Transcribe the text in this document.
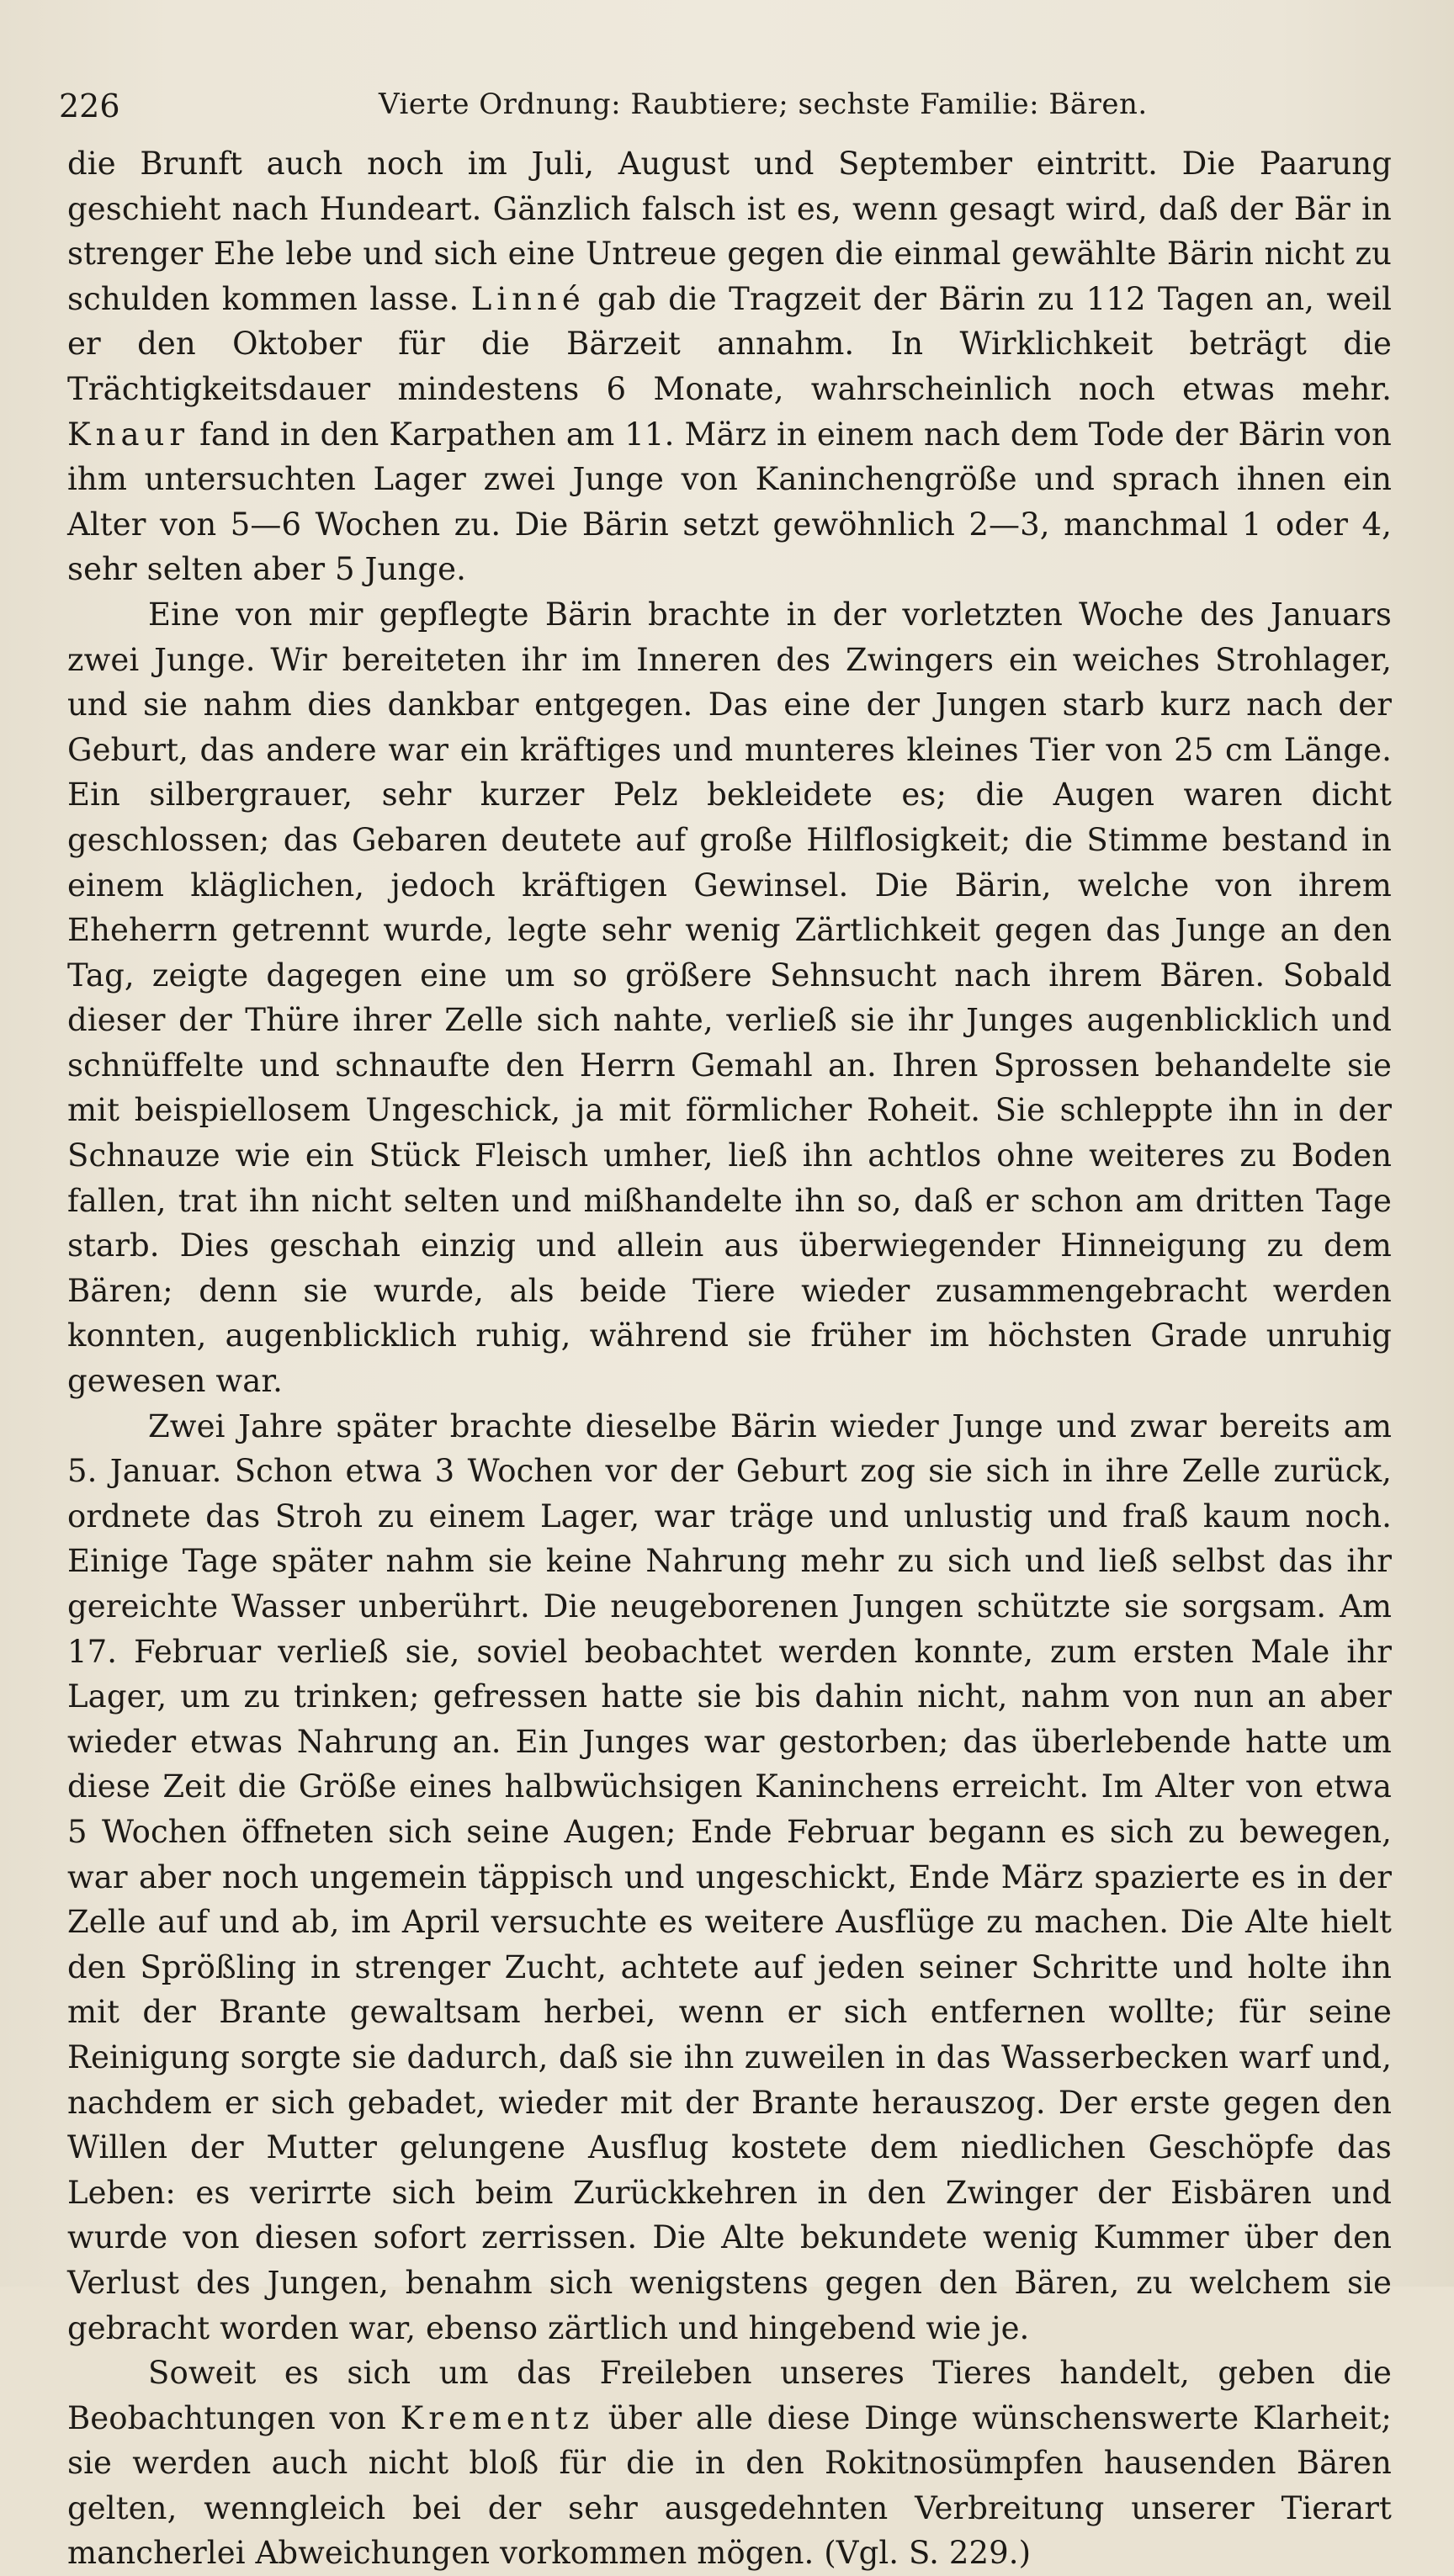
226	Vierte Ordnung: Raubtiere; sechste Familie: Bären.

die Brunft auch noch im Juli, August und September eintritt. Die Paarung geschieht nach Hundeart. Gänzlich falsch ist es, wenn gesagt wird, daß der Bär in strenger Ehe lebe und sich eine Untreue gegen die einmal gewählte Bärin nicht zu schulden kommen lasse. Linné gab die Tragzeit der Bärin zu 112 Tagen an, weil er den Oktober für die Bärzeit annahm. In Wirklichkeit beträgt die Trächtigkeitsdauer mindestens 6 Monate, wahrscheinlich noch etwas mehr. Knaur fand in den Karpathen am 11. März in einem nach dem Tode der Bärin von ihm untersuchten Lager zwei Junge von Kaninchengröße und sprach ihnen ein Alter von 5—6 Wochen zu. Die Bärin setzt gewöhnlich 2—3, manchmal 1 oder 4, sehr selten aber 5 Junge.

Eine von mir gepflegte Bärin brachte in der vorletzten Woche des Januars zwei Junge. Wir bereiteten ihr im Inneren des Zwingers ein weiches Strohlager, und sie nahm dies dankbar entgegen. Das eine der Jungen starb kurz nach der Geburt, das andere war ein kräftiges und munteres kleines Tier von 25 cm Länge. Ein silbergrauer, sehr kurzer Pelz bekleidete es; die Augen waren dicht geschlossen; das Gebaren deutete auf große Hilflosigkeit; die Stimme bestand in einem kläglichen, jedoch kräftigen Gewinsel. Die Bärin, welche von ihrem Eheherrn getrennt wurde, legte sehr wenig Zärtlichkeit gegen das Junge an den Tag, zeigte dagegen eine um so größere Sehnsucht nach ihrem Bären. Sobald dieser der Thüre ihrer Zelle sich nahte, verließ sie ihr Junges augenblicklich und schnüffelte und schnaufte den Herrn Gemahl an. Ihren Sprossen behandelte sie mit beispiellosem Ungeschick, ja mit förmlicher Roheit. Sie schleppte ihn in der Schnauze wie ein Stück Fleisch umher, ließ ihn achtlos ohne weiteres zu Boden fallen, trat ihn nicht selten und mißhandelte ihn so, daß er schon am dritten Tage starb. Dies geschah einzig und allein aus überwiegender Hinneigung zu dem Bären; denn sie wurde, als beide Tiere wieder zusammengebracht werden konnten, augenblicklich ruhig, während sie früher im höchsten Grade unruhig gewesen war.

Zwei Jahre später brachte dieselbe Bärin wieder Junge und zwar bereits am 5. Januar. Schon etwa 3 Wochen vor der Geburt zog sie sich in ihre Zelle zurück, ordnete das Stroh zu einem Lager, war träge und unlustig und fraß kaum noch. Einige Tage später nahm sie keine Nahrung mehr zu sich und ließ selbst das ihr gereichte Wasser unberührt. Die neugeborenen Jungen schützte sie sorgsam. Am 17. Februar verließ sie, soviel beobachtet werden konnte, zum ersten Male ihr Lager, um zu trinken; gefressen hatte sie bis dahin nicht, nahm von nun an aber wieder etwas Nahrung an. Ein Junges war gestorben; das überlebende hatte um diese Zeit die Größe eines halbwüchsigen Kaninchens erreicht. Im Alter von etwa 5 Wochen öffneten sich seine Augen; Ende Februar begann es sich zu bewegen, war aber noch ungemein täppisch und ungeschickt, Ende März spazierte es in der Zelle auf und ab, im April versuchte es weitere Ausflüge zu machen. Die Alte hielt den Sprößling in strenger Zucht, achtete auf jeden seiner Schritte und holte ihn mit der Brante gewaltsam herbei, wenn er sich entfernen wollte; für seine Reinigung sorgte sie dadurch, daß sie ihn zuweilen in das Wasserbecken warf und, nachdem er sich gebadet, wieder mit der Brante herauszog. Der erste gegen den Willen der Mutter gelungene Ausflug kostete dem niedlichen Geschöpfe das Leben: es verirrte sich beim Zurückkehren in den Zwinger der Eisbären und wurde von diesen sofort zerrissen. Die Alte bekundete wenig Kummer über den Verlust des Jungen, benahm sich wenigstens gegen den Bären, zu welchem sie gebracht worden war, ebenso zärtlich und hingebend wie je.

Soweit es sich um das Freileben unseres Tieres handelt, geben die Beobachtungen von Krementz über alle diese Dinge wünschenswerte Klarheit; sie werden auch nicht bloß für die in den Rokitnosümpfen hausenden Bären gelten, wenngleich bei der sehr ausgedehnten Verbreitung unserer Tierart mancherlei Abweichungen vorkommen mögen. (Vgl. S. 229.)
